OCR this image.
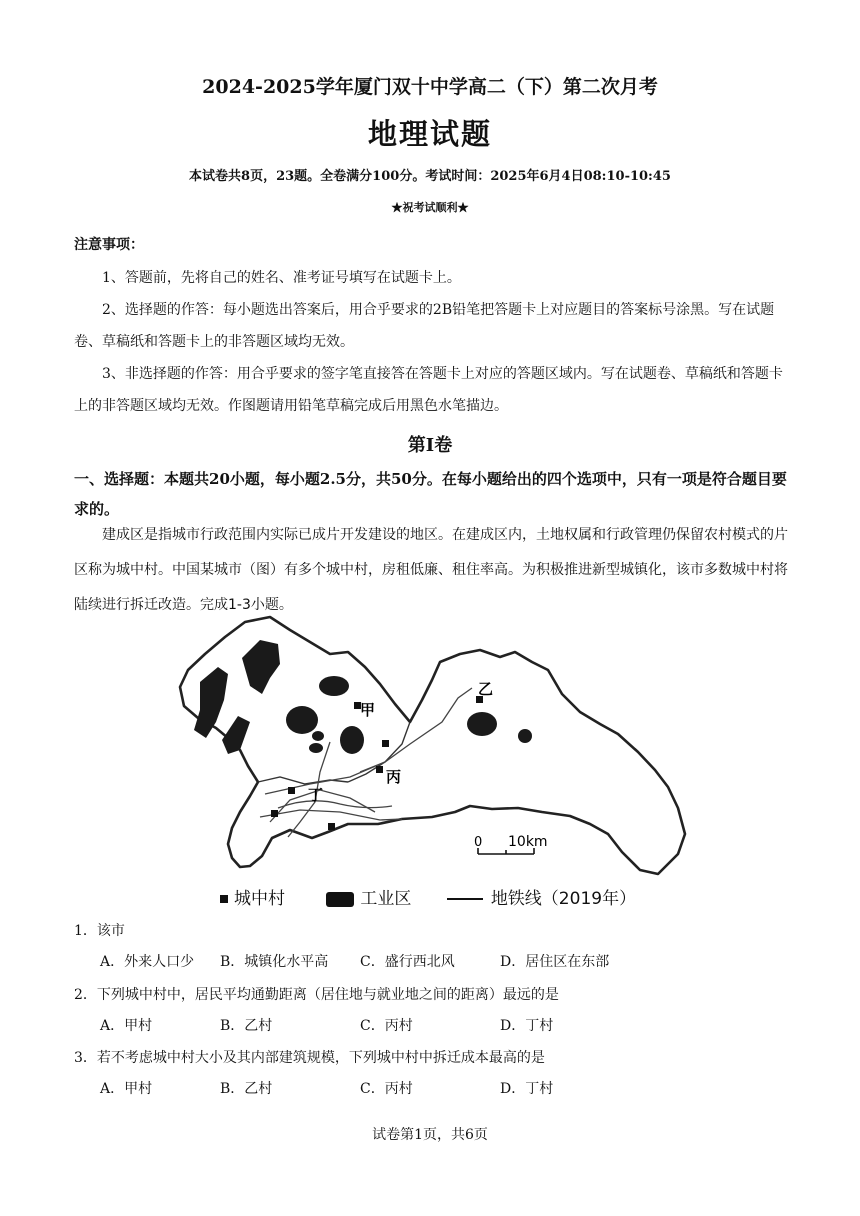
2024-2025学年厦门双十中学高二（下）第二次月考
地理试题
本试卷共8页，23题。全卷满分100分。考试时间：2025年6月4日08:10-10:45
★祝考试顺利★
注意事项：
1、答题前，先将自己的姓名、准考证号填写在试题卡上。
2、选择题的作答：每小题选出答案后，用合乎要求的2B铅笔把答题卡上对应题目的答案标号涂黑。写在试题卷、草稿纸和答题卡上的非答题区域均无效。
3、非选择题的作答：用合乎要求的签字笔直接答在答题卡上对应的答题区域内。写在试题卷、草稿纸和答题卡上的非答题区域均无效。作图题请用铅笔草稿完成后用黑色水笔描边。
第I卷
一、选择题：本题共20小题，每小题2.5分，共50分。在每小题给出的四个选项中，只有一项是符合题目要求的。
建成区是指城市行政范围内实际已成片开发建设的地区。在建成区内，土地权属和行政管理仍保留农村模式的片区称为城中村。中国某城市（图）有多个城中村，房租低廉、租住率高。为积极推进新型城镇化，该市多数城中村将陆续进行拆迁改造。完成1-3小题。
甲
乙
丙
丁
0 10km
城中村	工业区	地铁线（2019年）
1．该市
A．外来人口少 B．城镇化水平高 C．盛行西北风	D．居住区在东部
2．下列城中村中，居民平均通勤距离（居住地与就业地之间的距离）最远的是
A．甲村	B．乙村	C．丙村	D．丁村
3．若不考虑城中村大小及其内部建筑规模，下列城中村中拆迁成本最高的是
A．甲村	B．乙村	C．丙村	D．丁村
试卷第1页，共6页
